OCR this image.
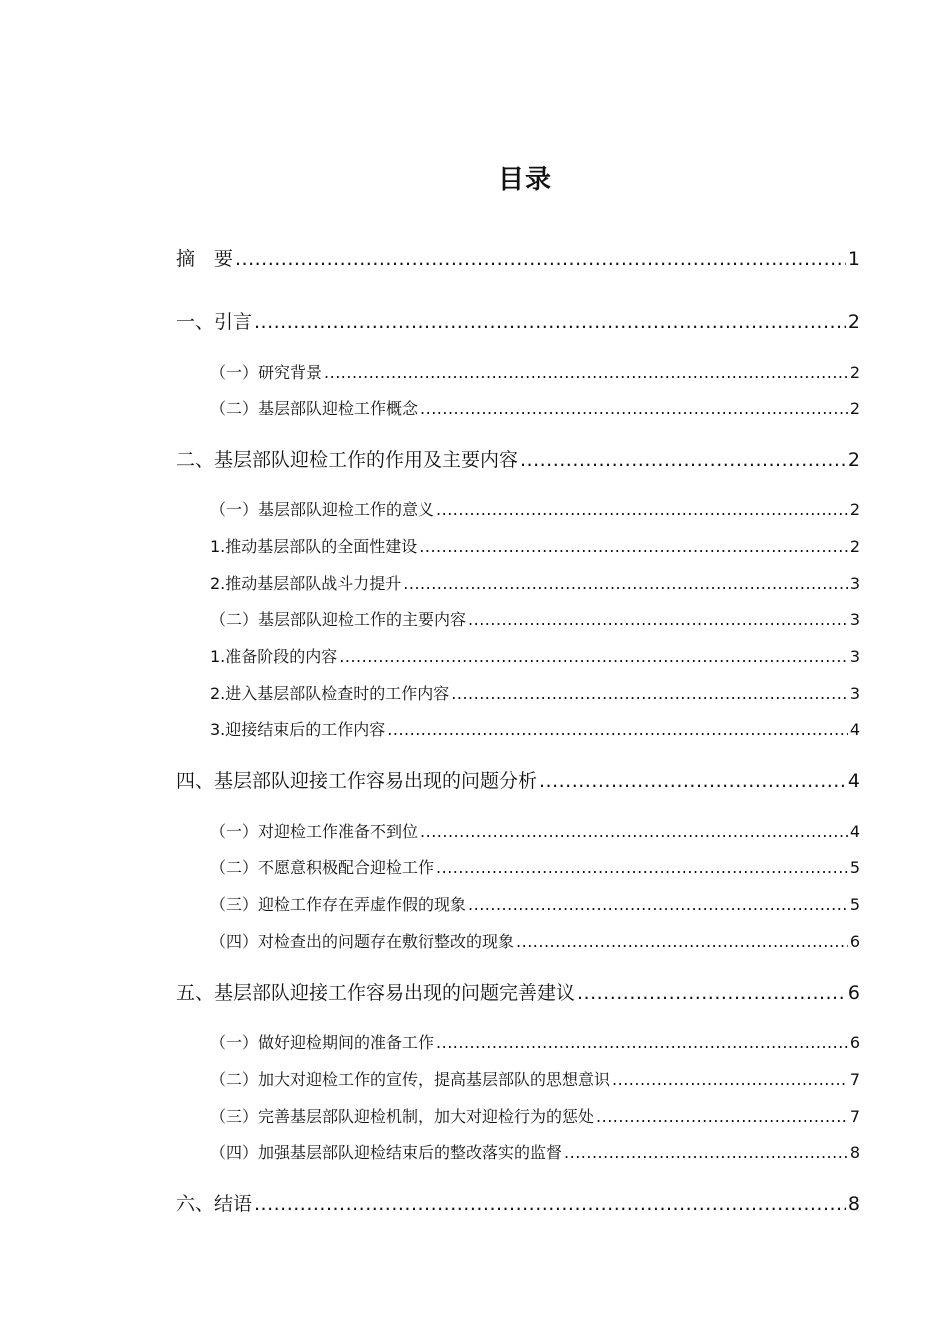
目录
摘　要 .....	1
一、引言 .....	2
（一）研究背景 .....	2
（二）基层部队迎检工作概念 .....	2
二、基层部队迎检工作的作用及主要内容 .....	2
（一）基层部队迎检工作的意义 .....	2
1.推动基层部队的全面性建设 .....	2
2.推动基层部队战斗力提升 .....	3
（二）基层部队迎检工作的主要内容 .....	3
1.准备阶段的内容 .....	3
2.进入基层部队检查时的工作内容 .....	3
3.迎接结束后的工作内容 .....	4
四、基层部队迎接工作容易出现的问题分析 .....	4
（一）对迎检工作准备不到位 .....	4
（二）不愿意积极配合迎检工作 .....	5
（三）迎检工作存在弄虚作假的现象 .....	5
（四）对检查出的问题存在敷衍整改的现象 .....	6
五、基层部队迎接工作容易出现的问题完善建议 .....	6
（一）做好迎检期间的准备工作 .....	6
（二）加大对迎检工作的宣传，提高基层部队的思想意识 .....	7
（三）完善基层部队迎检机制，加大对迎检行为的惩处 .....	7
（四）加强基层部队迎检结束后的整改落实的监督 .....	8
六、结语 .....	8
